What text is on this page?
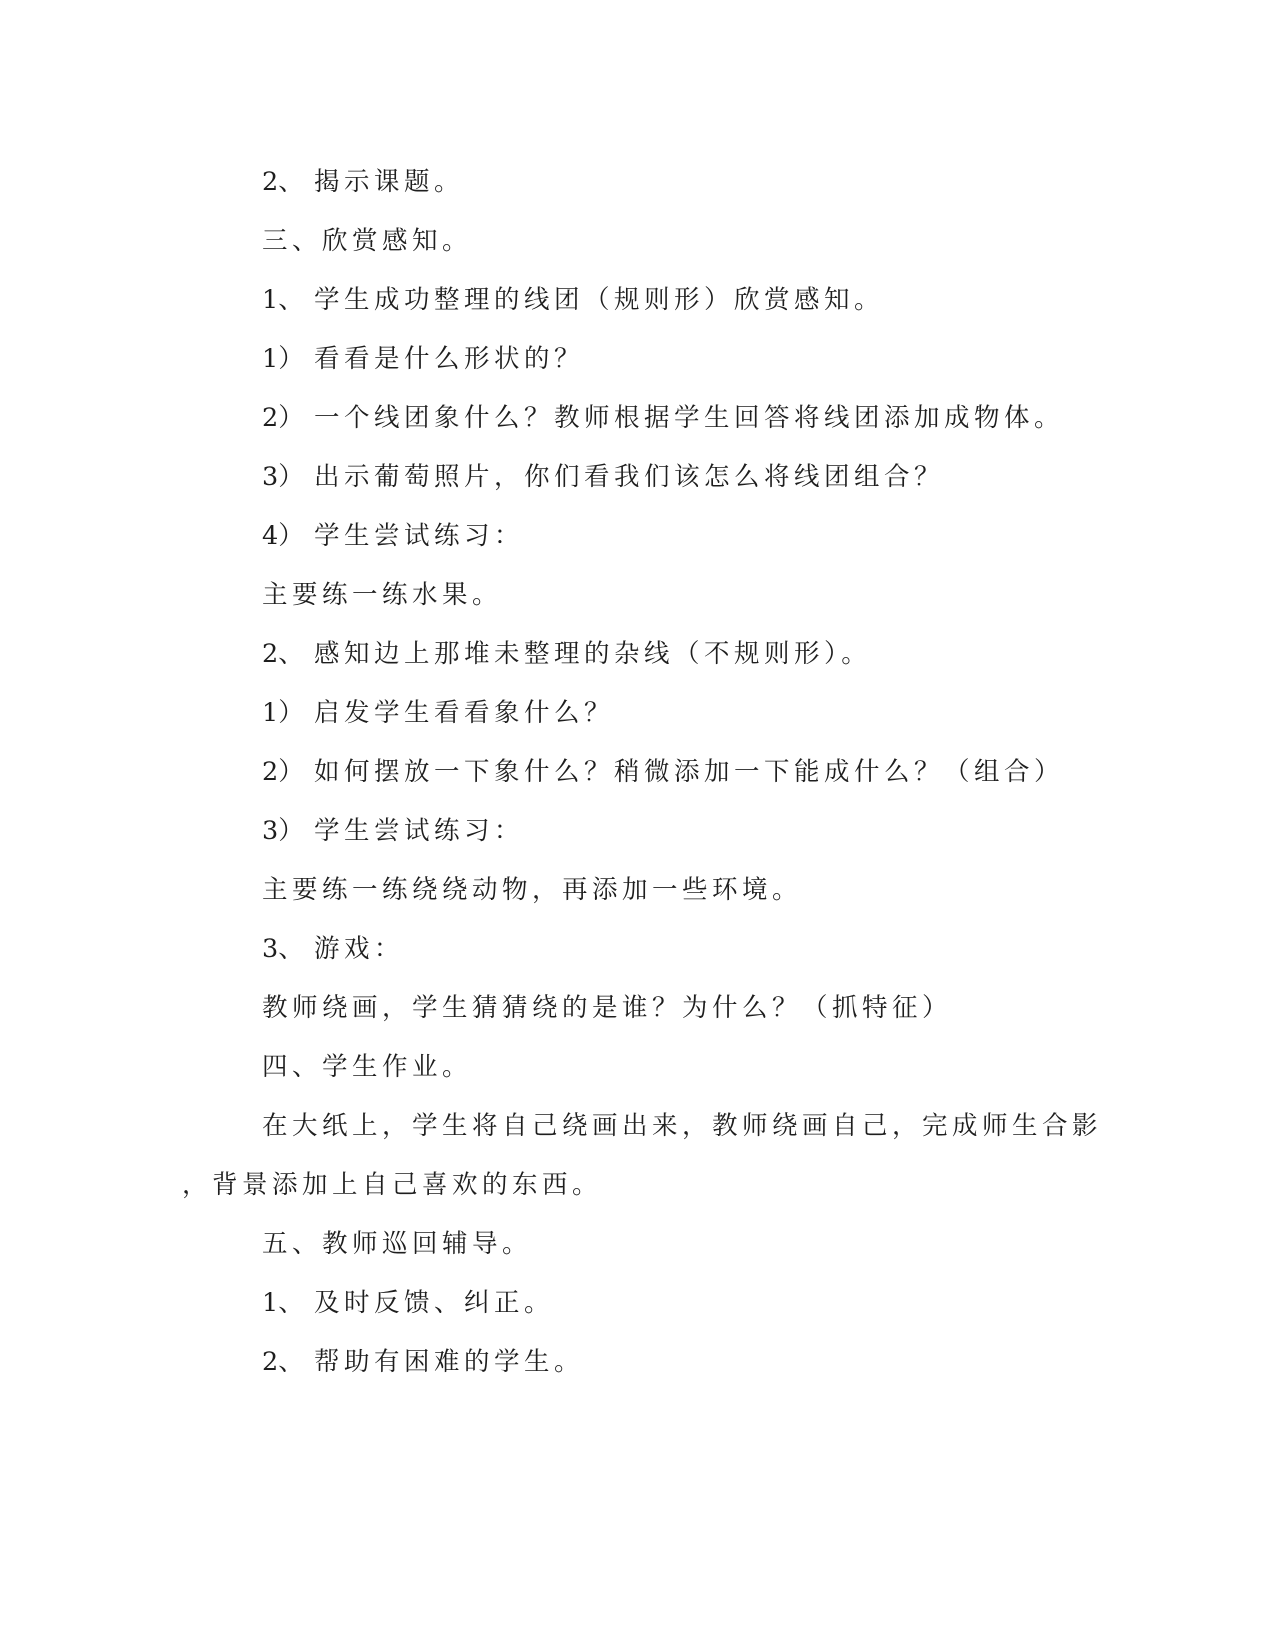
2、 揭示课题。

三、欣赏感知。

1、 学生成功整理的线团（规则形）欣赏感知。

1） 看看是什么形状的？

2） 一个线团象什么？教师根据学生回答将线团添加成物体。

3） 出示葡萄照片，你们看我们该怎么将线团组合？

4） 学生尝试练习：

主要练一练水果。

2、 感知边上那堆未整理的杂线（不规则形）。

1） 启发学生看看象什么？

2） 如何摆放一下象什么？稍微添加一下能成什么？（组合）

3） 学生尝试练习：

主要练一练绕绕动物，再添加一些环境。

3、 游戏：

教师绕画，学生猜猜绕的是谁？为什么？（抓特征）

四、学生作业。

在大纸上，学生将自己绕画出来，教师绕画自己，完成师生合影

，背景添加上自己喜欢的东西。

五、教师巡回辅导。

1、 及时反馈、纠正。

2、 帮助有困难的学生。
